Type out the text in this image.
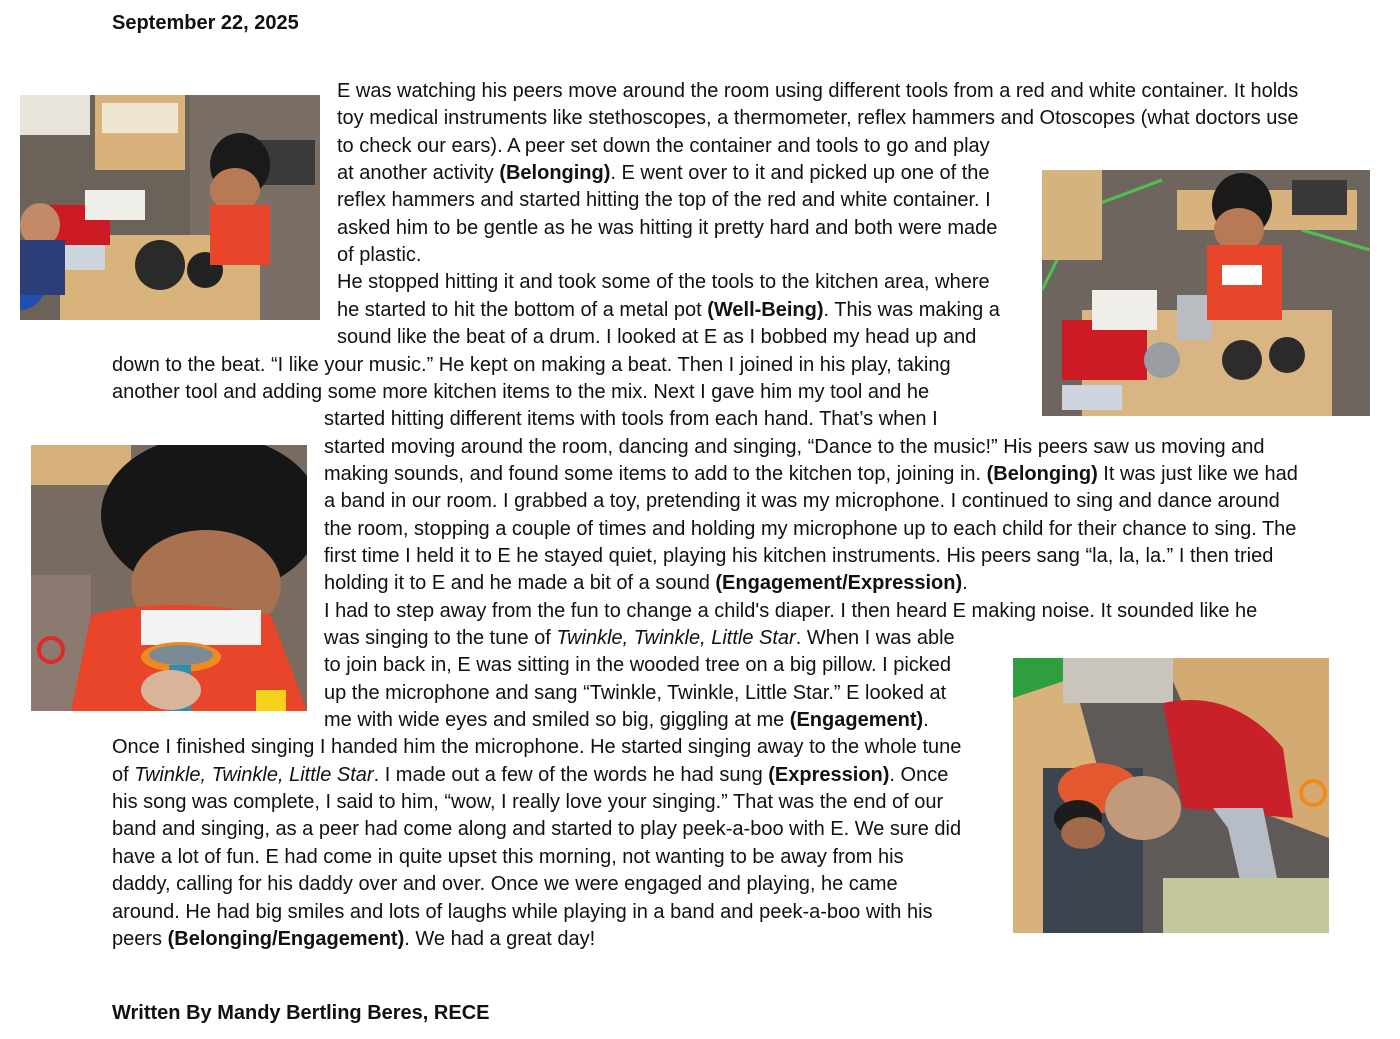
September 22, 2025
E was watching his peers move around the room using different tools from a red and white container. It holds
toy medical instruments like stethoscopes, a thermometer, reflex hammers and Otoscopes (what doctors use
to check our ears). A peer set down the container and tools to go and play
at another activity (Belonging). E went over to it and picked up one of the
reflex hammers and started hitting the top of the red and white container. I
asked him to be gentle as he was hitting it pretty hard and both were made
of plastic.
He stopped hitting it and took some of the tools to the kitchen area, where
he started to hit the bottom of a metal pot (Well-Being). This was making a
sound like the beat of a drum. I looked at E as I bobbed my head up and
down to the beat. “I like your music.” He kept on making a beat. Then I joined in his play, taking
another tool and adding some more kitchen items to the mix. Next I gave him my tool and he
started hitting different items with tools from each hand. That’s when I
started moving around the room, dancing and singing, “Dance to the music!” His peers saw us moving and
making sounds, and found some items to add to the kitchen top, joining in. (Belonging) It was just like we had
a band in our room. I grabbed a toy, pretending it was my microphone. I continued to sing and dance around
the room, stopping a couple of times and holding my microphone up to each child for their chance to sing. The
first time I held it to E he stayed quiet, playing his kitchen instruments. His peers sang “la, la, la.” I then tried
holding it to E and he made a bit of a sound (Engagement/Expression).
I had to step away from the fun to change a child's diaper. I then heard E making noise. It sounded like he
was singing to the tune of Twinkle, Twinkle, Little Star. When I was able
to join back in, E was sitting in the wooded tree on a big pillow. I picked
up the microphone and sang “Twinkle, Twinkle, Little Star.” E looked at
me with wide eyes and smiled so big, giggling at me (Engagement).
Once I finished singing I handed him the microphone. He started singing away to the whole tune
of Twinkle, Twinkle, Little Star. I made out a few of the words he had sung (Expression). Once
his song was complete, I said to him, “wow, I really love your singing.” That was the end of our
band and singing, as a peer had come along and started to play peek-a-boo with E. We sure did
have a lot of fun. E had come in quite upset this morning, not wanting to be away from his
daddy, calling for his daddy over and over. Once we were engaged and playing, he came
around. He had big smiles and lots of laughs while playing in a band and peek-a-boo with his
peers (Belonging/Engagement). We had a great day!
Written By Mandy Bertling Beres, RECE
